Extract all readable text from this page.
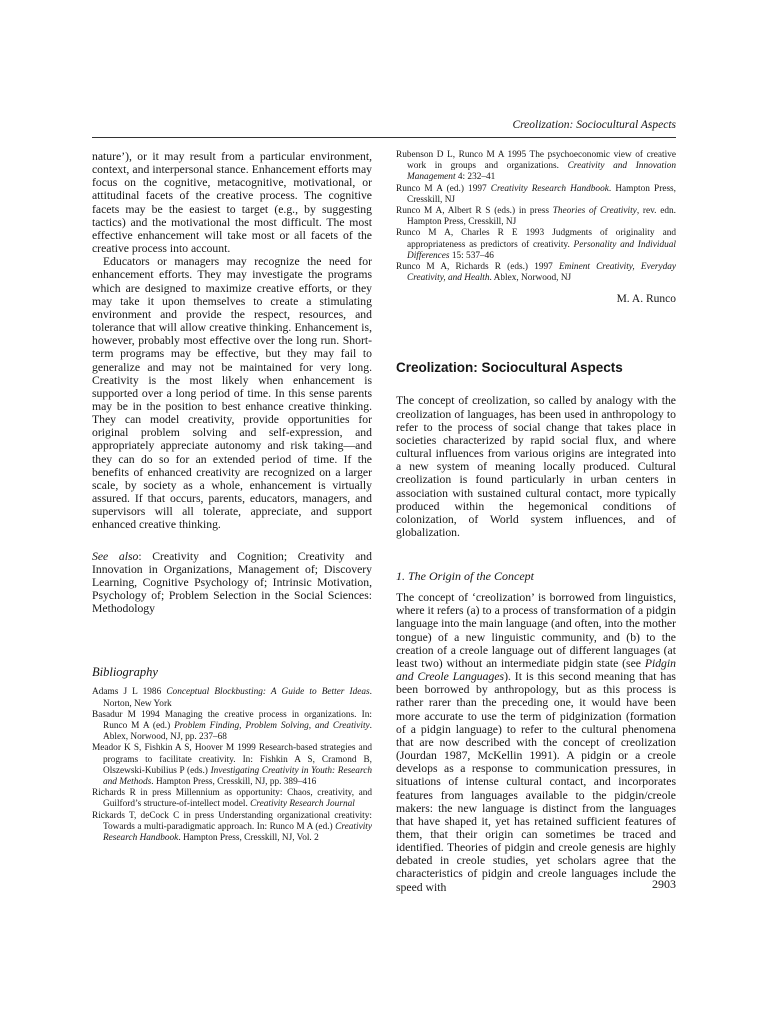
Creolization: Sociocultural Aspects

nature’), or it may result from a particular environment, context, and interpersonal stance. Enhancement efforts may focus on the cognitive, metacognitive, motivational, or attitudinal facets of the creative process. The cognitive facets may be the easiest to target (e.g., by suggesting tactics) and the motivational the most difficult. The most effective enhancement will take most or all facets of the creative process into account.

Educators or managers may recognize the need for enhancement efforts. They may investigate the programs which are designed to maximize creative efforts, or they may take it upon themselves to create a stimulating environment and provide the respect, resources, and tolerance that will allow creative thinking. Enhancement is, however, probably most effective over the long run. Short-term programs may be effective, but they may fail to generalize and may not be maintained for very long. Creativity is the most likely when enhancement is supported over a long period of time. In this sense parents may be in the position to best enhance creative thinking. They can model creativity, provide opportunities for original problem solving and self-expression, and appropriately appreciate autonomy and risk taking—and they can do so for an extended period of time. If the benefits of enhanced creativity are recognized on a larger scale, by society as a whole, enhancement is virtually assured. If that occurs, parents, educators, managers, and supervisors will all tolerate, appreciate, and support enhanced creative thinking.

See also: Creativity and Cognition; Creativity and Innovation in Organizations, Management of; Discovery Learning, Cognitive Psychology of; Intrinsic Motivation, Psychology of; Problem Selection in the Social Sciences: Methodology

Bibliography

Adams J L 1986 Conceptual Blockbusting: A Guide to Better Ideas. Norton, New York

Basadur M 1994 Managing the creative process in organizations. In: Runco M A (ed.) Problem Finding, Problem Solving, and Creativity. Ablex, Norwood, NJ, pp. 237–68

Meador K S, Fishkin A S, Hoover M 1999 Research-based strategies and programs to facilitate creativity. In: Fishkin A S, Cramond B, Olszewski-Kubilius P (eds.) Investigating Creativity in Youth: Research and Methods. Hampton Press, Cresskill, NJ, pp. 389–416

Richards R in press Millennium as opportunity: Chaos, creativity, and Guilford’s structure-of-intellect model. Creativity Research Journal

Rickards T, deCock C in press Understanding organizational creativity: Towards a multi-paradigmatic approach. In: Runco M A (ed.) Creativity Research Handbook. Hampton Press, Cresskill, NJ, Vol. 2

Rubenson D L, Runco M A 1995 The psychoeconomic view of creative work in groups and organizations. Creativity and Innovation Management 4: 232–41

Runco M A (ed.) 1997 Creativity Research Handbook. Hampton Press, Cresskill, NJ

Runco M A, Albert R S (eds.) in press Theories of Creativity, rev. edn. Hampton Press, Cresskill, NJ

Runco M A, Charles R E 1993 Judgments of originality and appropriateness as predictors of creativity. Personality and Individual Differences 15: 537–46

Runco M A, Richards R (eds.) 1997 Eminent Creativity, Everyday Creativity, and Health. Ablex, Norwood, NJ

M. A. Runco
Creolization: Sociocultural Aspects

The concept of creolization, so called by analogy with the creolization of languages, has been used in anthropology to refer to the process of social change that takes place in societies characterized by rapid social flux, and where cultural influences from various origins are integrated into a new system of meaning locally produced. Cultural creolization is found particularly in urban centers in association with sustained cultural contact, more typically produced within the hegemonical conditions of colonization, of World system influences, and of globalization.

1. The Origin of the Concept

The concept of ‘creolization’ is borrowed from linguistics, where it refers (a) to a process of transformation of a pidgin language into the main language (and often, into the mother tongue) of a new linguistic community, and (b) to the creation of a creole language out of different languages (at least two) without an intermediate pidgin state (see Pidgin and Creole Languages). It is this second meaning that has been borrowed by anthropology, but as this process is rather rarer than the preceding one, it would have been more accurate to use the term of pidginization (formation of a pidgin language) to refer to the cultural phenomena that are now described with the concept of creolization (Jourdan 1987, McKellin 1991). A pidgin or a creole develops as a response to communication pressures, in situations of intense cultural contact, and incorporates features from languages available to the pidgin/creole makers: the new language is distinct from the languages that have shaped it, yet has retained sufficient features of them, that their origin can sometimes be traced and identified. Theories of pidgin and creole genesis are highly debated in creole studies, yet scholars agree that the characteristics of pidgin and creole languages include the speed with	2903
